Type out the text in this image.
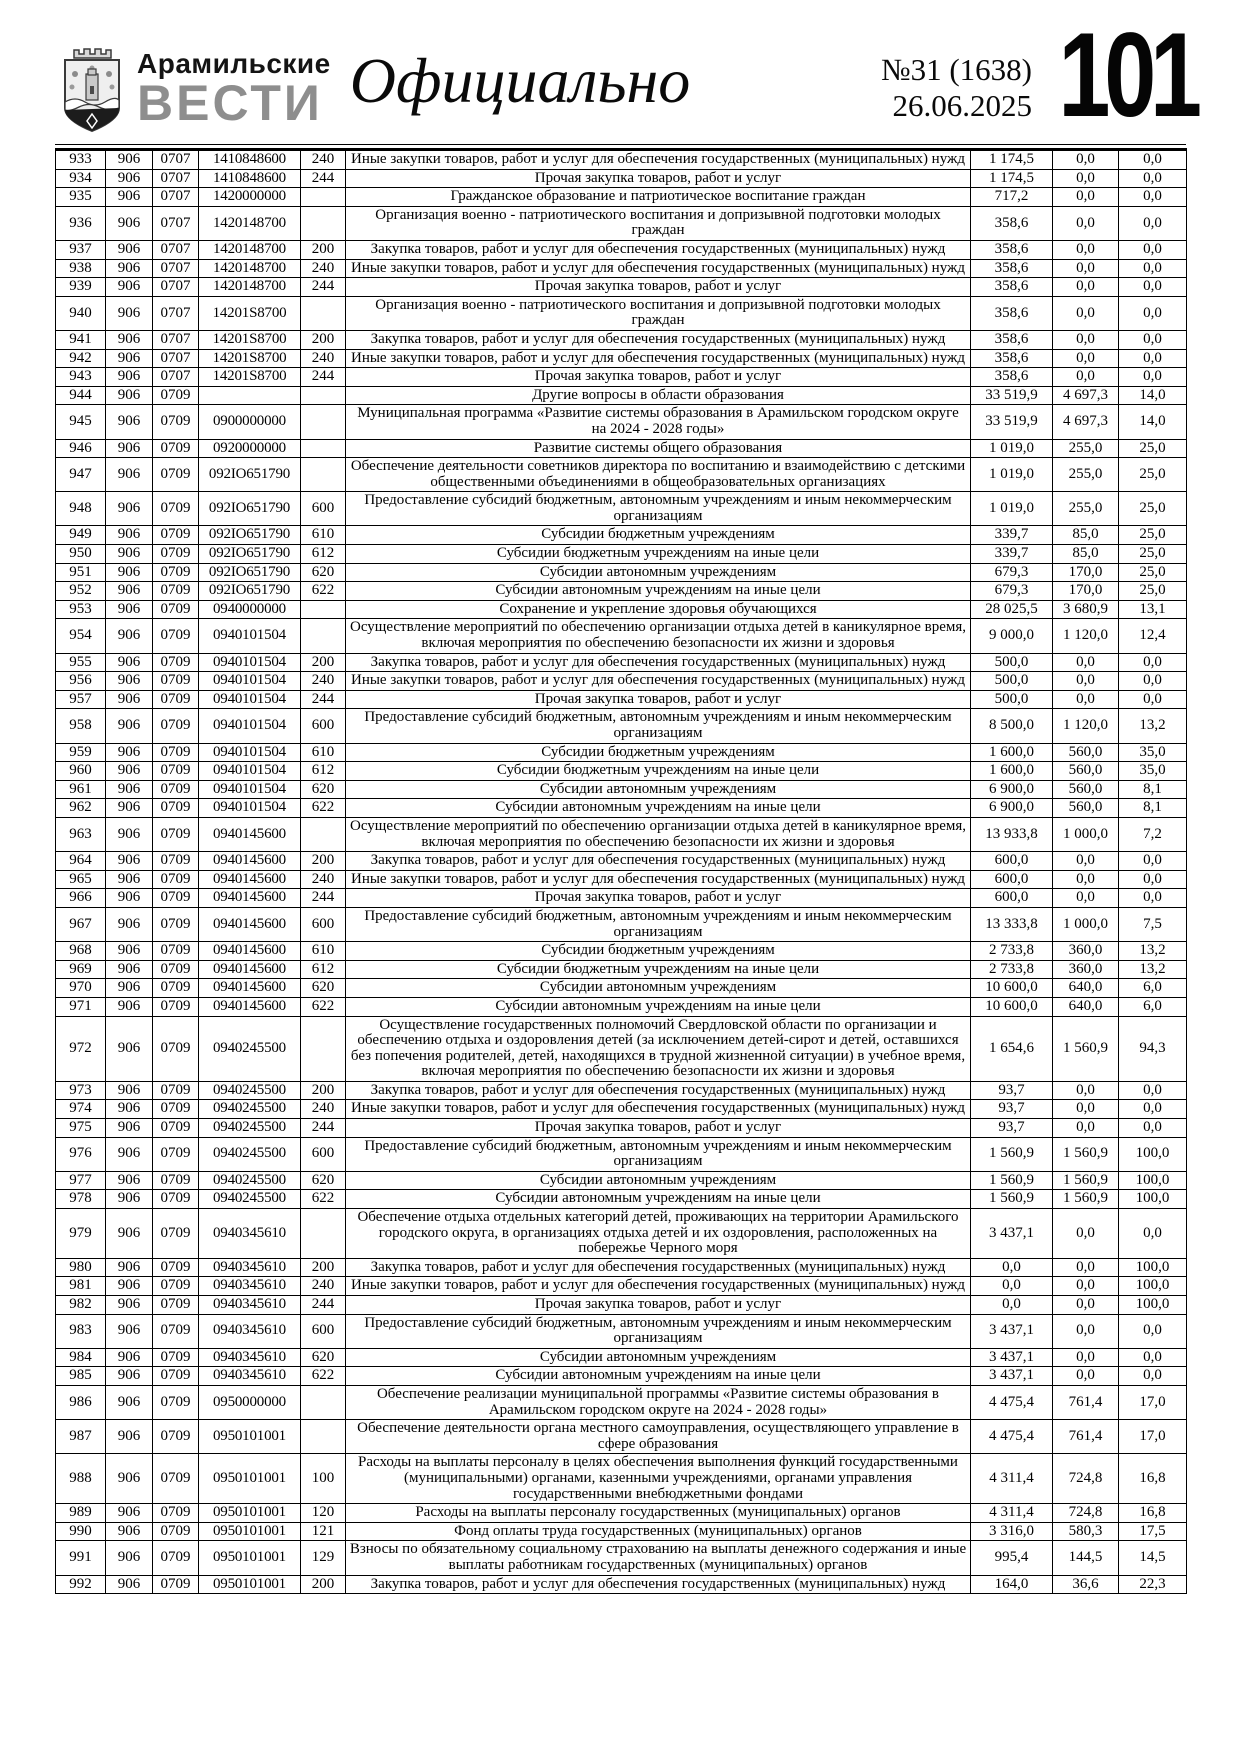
Арамильские
ВЕСТИ Официально	№31 (1638)
26.06.2025 101
933	906	0707	1410848600	240	Иные закупки товаров, работ и услуг для обеспечения государственных (муниципальных) нужд	1 174,5	0,0	0,0
934	906	0707	1410848600	244	Прочая закупка товаров, работ и услуг	1 174,5	0,0	0,0
935	906	0707	1420000000		Гражданское образование и патриотическое воспитание граждан	717,2	0,0	0,0
936	906	0707	1420148700		Организация военно - патриотического воспитания и допризывной подготовки молодых граждан	358,6	0,0	0,0
937	906	0707	1420148700	200	Закупка товаров, работ и услуг для обеспечения государственных (муниципальных) нужд	358,6	0,0	0,0
938	906	0707	1420148700	240	Иные закупки товаров, работ и услуг для обеспечения государственных (муниципальных) нужд	358,6	0,0	0,0
939	906	0707	1420148700	244	Прочая закупка товаров, работ и услуг	358,6	0,0	0,0
940	906	0707	14201S8700		Организация военно - патриотического воспитания и допризывной подготовки молодых граждан	358,6	0,0	0,0
941	906	0707	14201S8700	200	Закупка товаров, работ и услуг для обеспечения государственных (муниципальных) нужд	358,6	0,0	0,0
942	906	0707	14201S8700	240	Иные закупки товаров, работ и услуг для обеспечения государственных (муниципальных) нужд	358,6	0,0	0,0
943	906	0707	14201S8700	244	Прочая закупка товаров, работ и услуг	358,6	0,0	0,0
944	906	0709			Другие вопросы в области образования	33 519,9	4 697,3	14,0
945	906	0709	0900000000		Муниципальная программа «Развитие системы образования в Арамильском городском округе на 2024 - 2028 годы»	33 519,9	4 697,3	14,0
946	906	0709	0920000000		Развитие системы общего образования	1 019,0	255,0	25,0
947	906	0709	092IO651790		Обеспечение деятельности советников директора по воспитанию и взаимодействию с детскими общественными объединениями в общеобразовательных организациях	1 019,0	255,0	25,0
948	906	0709	092IO651790	600	Предоставление субсидий бюджетным, автономным учреждениям и иным некоммерческим организациям	1 019,0	255,0	25,0
949	906	0709	092IO651790	610	Субсидии бюджетным учреждениям	339,7	85,0	25,0
950	906	0709	092IO651790	612	Субсидии бюджетным учреждениям на иные цели	339,7	85,0	25,0
951	906	0709	092IO651790	620	Субсидии автономным учреждениям	679,3	170,0	25,0
952	906	0709	092IO651790	622	Субсидии автономным учреждениям на иные цели	679,3	170,0	25,0
953	906	0709	0940000000		Сохранение и укрепление здоровья обучающихся	28 025,5	3 680,9	13,1
954	906	0709	0940101504		Осуществление мероприятий по обеспечению организации отдыха детей в каникулярное время, включая мероприятия по обеспечению безопасности их жизни и здоровья	9 000,0	1 120,0	12,4
955	906	0709	0940101504	200	Закупка товаров, работ и услуг для обеспечения государственных (муниципальных) нужд	500,0	0,0	0,0
956	906	0709	0940101504	240	Иные закупки товаров, работ и услуг для обеспечения государственных (муниципальных) нужд	500,0	0,0	0,0
957	906	0709	0940101504	244	Прочая закупка товаров, работ и услуг	500,0	0,0	0,0
958	906	0709	0940101504	600	Предоставление субсидий бюджетным, автономным учреждениям и иным некоммерческим организациям	8 500,0	1 120,0	13,2
959	906	0709	0940101504	610	Субсидии бюджетным учреждениям	1 600,0	560,0	35,0
960	906	0709	0940101504	612	Субсидии бюджетным учреждениям на иные цели	1 600,0	560,0	35,0
961	906	0709	0940101504	620	Субсидии автономным учреждениям	6 900,0	560,0	8,1
962	906	0709	0940101504	622	Субсидии автономным учреждениям на иные цели	6 900,0	560,0	8,1
963	906	0709	0940145600		Осуществление мероприятий по обеспечению организации отдыха детей в каникулярное время, включая мероприятия по обеспечению безопасности их жизни и здоровья	13 933,8	1 000,0	7,2
964	906	0709	0940145600	200	Закупка товаров, работ и услуг для обеспечения государственных (муниципальных) нужд	600,0	0,0	0,0
965	906	0709	0940145600	240	Иные закупки товаров, работ и услуг для обеспечения государственных (муниципальных) нужд	600,0	0,0	0,0
966	906	0709	0940145600	244	Прочая закупка товаров, работ и услуг	600,0	0,0	0,0
967	906	0709	0940145600	600	Предоставление субсидий бюджетным, автономным учреждениям и иным некоммерческим организациям	13 333,8	1 000,0	7,5
968	906	0709	0940145600	610	Субсидии бюджетным учреждениям	2 733,8	360,0	13,2
969	906	0709	0940145600	612	Субсидии бюджетным учреждениям на иные цели	2 733,8	360,0	13,2
970	906	0709	0940145600	620	Субсидии автономным учреждениям	10 600,0	640,0	6,0
971	906	0709	0940145600	622	Субсидии автономным учреждениям на иные цели	10 600,0	640,0	6,0
972	906	0709	0940245500		Осуществление государственных полномочий Свердловской области по организации и обеспечению отдыха и оздоровления детей (за исключением детей-сирот и детей, оставшихся без попечения родителей, детей, находящихся в трудной жизненной ситуации) в учебное время, включая мероприятия по обеспечению безопасности их жизни и здоровья	1 654,6	1 560,9	94,3
973	906	0709	0940245500	200	Закупка товаров, работ и услуг для обеспечения государственных (муниципальных) нужд	93,7	0,0	0,0
974	906	0709	0940245500	240	Иные закупки товаров, работ и услуг для обеспечения государственных (муниципальных) нужд	93,7	0,0	0,0
975	906	0709	0940245500	244	Прочая закупка товаров, работ и услуг	93,7	0,0	0,0
976	906	0709	0940245500	600	Предоставление субсидий бюджетным, автономным учреждениям и иным некоммерческим организациям	1 560,9	1 560,9	100,0
977	906	0709	0940245500	620	Субсидии автономным учреждениям	1 560,9	1 560,9	100,0
978	906	0709	0940245500	622	Субсидии автономным учреждениям на иные цели	1 560,9	1 560,9	100,0
979	906	0709	0940345610		Обеспечение отдыха отдельных категорий детей, проживающих на территории Арамильского городского округа, в организациях отдыха детей и их оздоровления, расположенных на побережье Черного моря	3 437,1	0,0	0,0
980	906	0709	0940345610	200	Закупка товаров, работ и услуг для обеспечения государственных (муниципальных) нужд	0,0	0,0	100,0
981	906	0709	0940345610	240	Иные закупки товаров, работ и услуг для обеспечения государственных (муниципальных) нужд	0,0	0,0	100,0
982	906	0709	0940345610	244	Прочая закупка товаров, работ и услуг	0,0	0,0	100,0
983	906	0709	0940345610	600	Предоставление субсидий бюджетным, автономным учреждениям и иным некоммерческим организациям	3 437,1	0,0	0,0
984	906	0709	0940345610	620	Субсидии автономным учреждениям	3 437,1	0,0	0,0
985	906	0709	0940345610	622	Субсидии автономным учреждениям на иные цели	3 437,1	0,0	0,0
986	906	0709	0950000000		Обеспечение реализации муниципальной программы «Развитие системы образования в Арамильском городском округе на 2024 - 2028 годы»	4 475,4	761,4	17,0
987	906	0709	0950101001		Обеспечение деятельности органа местного самоуправления, осуществляющего управление в сфере образования	4 475,4	761,4	17,0
988	906	0709	0950101001	100	Расходы на выплаты персоналу в целях обеспечения выполнения функций государственными (муниципальными) органами, казенными учреждениями, органами управления государственными внебюджетными фондами	4 311,4	724,8	16,8
989	906	0709	0950101001	120	Расходы на выплаты персоналу государственных (муниципальных) органов	4 311,4	724,8	16,8
990	906	0709	0950101001	121	Фонд оплаты труда государственных (муниципальных) органов	3 316,0	580,3	17,5
991	906	0709	0950101001	129	Взносы по обязательному социальному страхованию на выплаты денежного содержания и иные выплаты работникам государственных (муниципальных) органов	995,4	144,5	14,5
992	906	0709	0950101001	200	Закупка товаров, работ и услуг для обеспечения государственных (муниципальных) нужд	164,0	36,6	22,3
